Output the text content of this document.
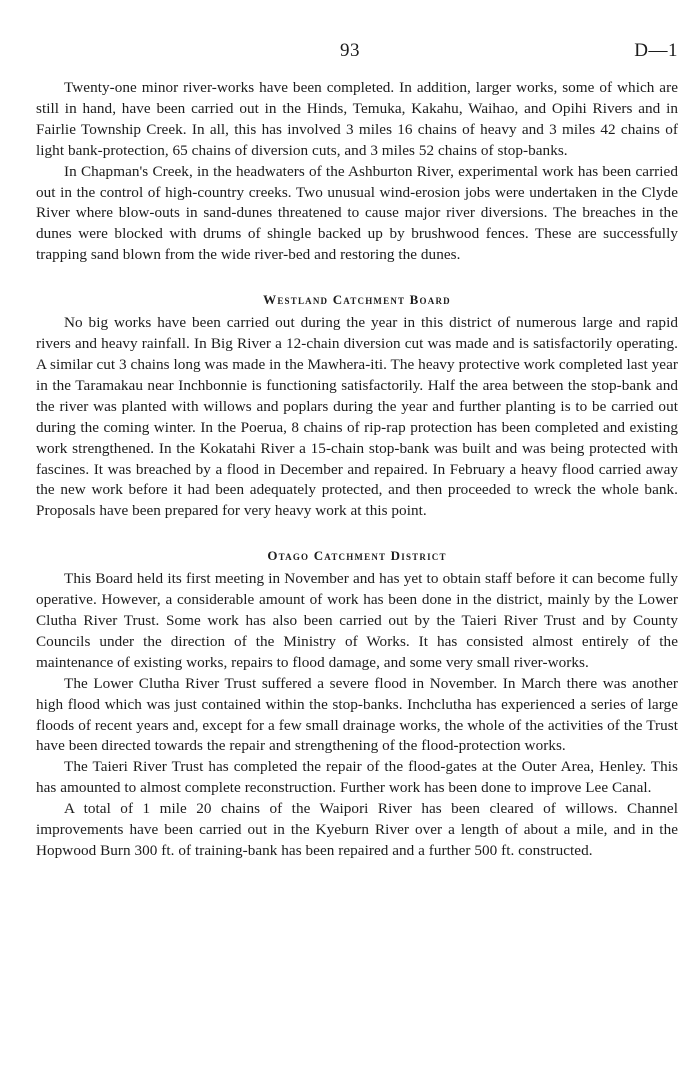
93	D—1

Twenty-one minor river-works have been completed. In addition, larger works, some of which are still in hand, have been carried out in the Hinds, Temuka, Kakahu, Waihao, and Opihi Rivers and in Fairlie Township Creek. In all, this has involved 3 miles 16 chains of heavy and 3 miles 42 chains of light bank-protection, 65 chains of diversion cuts, and 3 miles 52 chains of stop-banks.

In Chapman's Creek, in the headwaters of the Ashburton River, experimental work has been carried out in the control of high-country creeks. Two unusual wind-erosion jobs were undertaken in the Clyde River where blow-outs in sand-dunes threatened to cause major river diversions. The breaches in the dunes were blocked with drums of shingle backed up by brushwood fences. These are successfully trapping sand blown from the wide river-bed and restoring the dunes.

Westland Catchment Board

No big works have been carried out during the year in this district of numerous large and rapid rivers and heavy rainfall. In Big River a 12-chain diversion cut was made and is satisfactorily operating. A similar cut 3 chains long was made in the Mawhera-iti. The heavy protective work completed last year in the Taramakau near Inchbonnie is functioning satisfactorily. Half the area between the stop-bank and the river was planted with willows and poplars during the year and further planting is to be carried out during the coming winter. In the Poerua, 8 chains of rip-rap protection has been completed and existing work strengthened. In the Kokatahi River a 15-chain stop-bank was built and was being protected with fascines. It was breached by a flood in December and repaired. In February a heavy flood carried away the new work before it had been adequately protected, and then proceeded to wreck the whole bank. Proposals have been prepared for very heavy work at this point.

Otago Catchment District

This Board held its first meeting in November and has yet to obtain staff before it can become fully operative. However, a considerable amount of work has been done in the district, mainly by the Lower Clutha River Trust. Some work has also been carried out by the Taieri River Trust and by County Councils under the direction of the Ministry of Works. It has consisted almost entirely of the maintenance of existing works, repairs to flood damage, and some very small river-works.

The Lower Clutha River Trust suffered a severe flood in November. In March there was another high flood which was just contained within the stop-banks. Inchclutha has experienced a series of large floods of recent years and, except for a few small drainage works, the whole of the activities of the Trust have been directed towards the repair and strengthening of the flood-protection works.

The Taieri River Trust has completed the repair of the flood-gates at the Outer Area, Henley. This has amounted to almost complete reconstruction. Further work has been done to improve Lee Canal.

A total of 1 mile 20 chains of the Waipori River has been cleared of willows. Channel improvements have been carried out in the Kyeburn River over a length of about a mile, and in the Hopwood Burn 300 ft. of training-bank has been repaired and a further 500 ft. constructed.
